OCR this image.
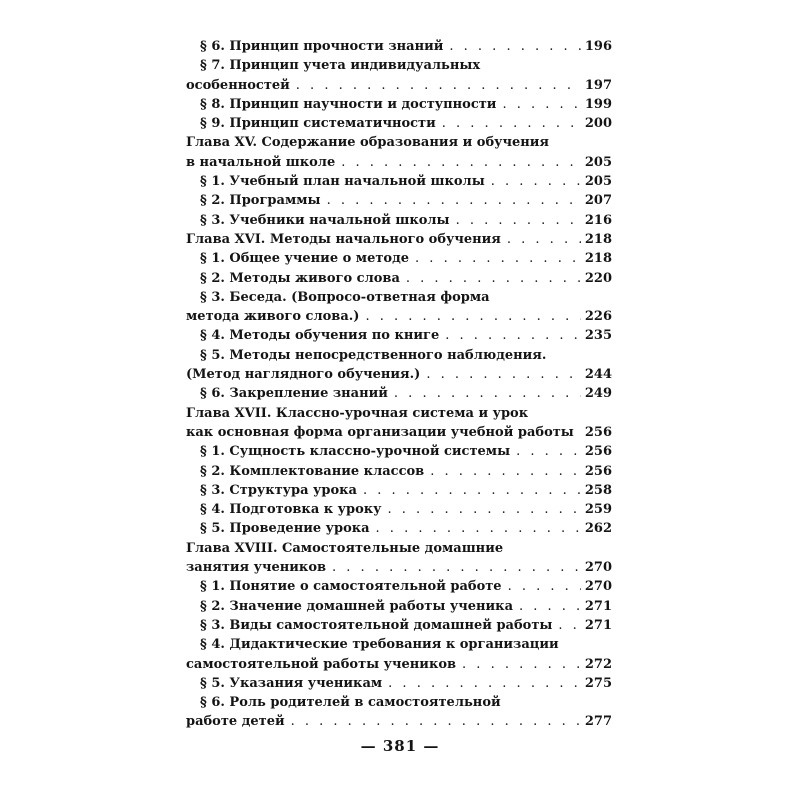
§ 6. Принцип прочности знаний . . .	196
§ 7. Принцип учета индивидуальных
особенностей . . .	197
§ 8. Принцип научности и доступности . . .	199
§ 9. Принцип систематичности . . .	200
Глава XV. Содержание образования и обучения
в начальной школе . . .	205
§ 1. Учебный план начальной школы . . .	205
§ 2. Программы . . .	207
§ 3. Учебники начальной школы . . .	216
Глава XVI. Методы начального обучения . . .	218
§ 1. Общее учение о методе . . .	218
§ 2. Методы живого слова . . .	220
§ 3. Беседа. (Вопросо-ответная форма
метода живого слова.) . . .	226
§ 4. Методы обучения по книге . . .	235
§ 5. Методы непосредственного наблюдения.
(Метод наглядного обучения.) . . .	244
§ 6. Закрепление знаний . . .	249
Глава XVII. Классно-урочная система и урок
как основная форма организации учебной работы . . . 256
§ 1. Сущность классно-урочной системы . . .	256
§ 2. Комплектование классов . . .	256
§ 3. Структура урока . . .	258
§ 4. Подготовка к уроку . . .	259
§ 5. Проведение урока . . .	262
Глава XVIII. Самостоятельные домашние
занятия учеников . . .	270
§ 1. Понятие о самостоятельной работе . . .	270
§ 2. Значение домашней работы ученика . . .	271
§ 3. Виды самостоятельной домашней работы . . . 271
§ 4. Дидактические требования к организации
самостоятельной работы учеников . . .	272
§ 5. Указания ученикам . . .	275
§ 6. Роль родителей в самостоятельной
работе детей . . .	277
— 381 —
